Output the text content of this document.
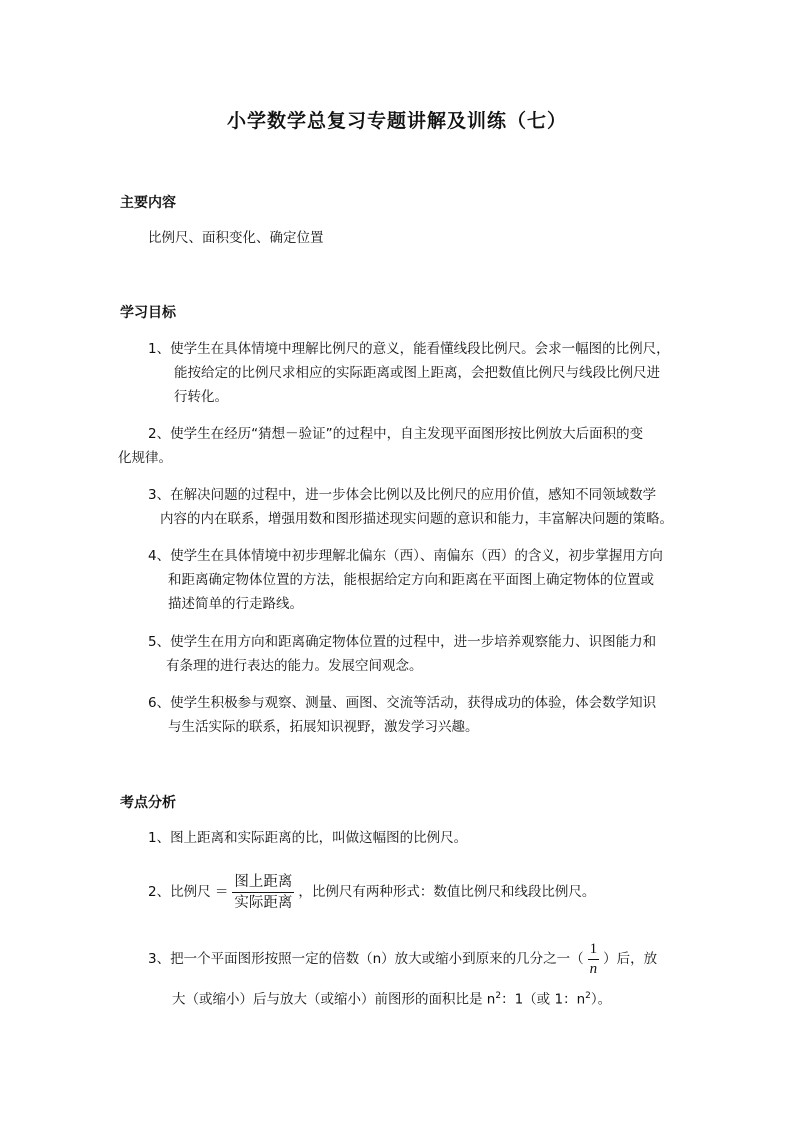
小学数学总复习专题讲解及训练（七）
主要内容
比例尺、面积变化、确定位置
学习目标
1、使学生在具体情境中理解比例尺的意义，能看懂线段比例尺。会求一幅图的比例尺，
能按给定的比例尺求相应的实际距离或图上距离，会把数值比例尺与线段比例尺进
行转化。
2、使学生在经历“猜想－验证”的过程中，自主发现平面图形按比例放大后面积的变
化规律。
3、在解决问题的过程中，进一步体会比例以及比例尺的应用价值，感知不同领域数学
内容的内在联系，增强用数和图形描述现实问题的意识和能力，丰富解决问题的策略。
4、使学生在具体情境中初步理解北偏东（西）、南偏东（西）的含义，初步掌握用方向
和距离确定物体位置的方法，能根据给定方向和距离在平面图上确定物体的位置或
描述简单的行走路线。
5、使学生在用方向和距离确定物体位置的过程中，进一步培养观察能力、识图能力和
有条理的进行表达的能力。发展空间观念。
6、使学生积极参与观察、测量、画图、交流等活动，获得成功的体验，体会数学知识
与生活实际的联系，拓展知识视野，激发学习兴趣。
考点分析
1、图上距离和实际距离的比，叫做这幅图的比例尺。
2、比例尺 ＝ $\frac{\text{图上距离}}{\text{实际距离}}$ ，比例尺有两种形式：数值比例尺和线段比例尺。
3、把一个平面图形按照一定的倍数（n）放大或缩小到原来的几分之一（ $\frac{1}{n}$ ）后，放
大（或缩小）后与放大（或缩小）前图形的面积比是 $n^2$：1（或 1：$n^2$）。
